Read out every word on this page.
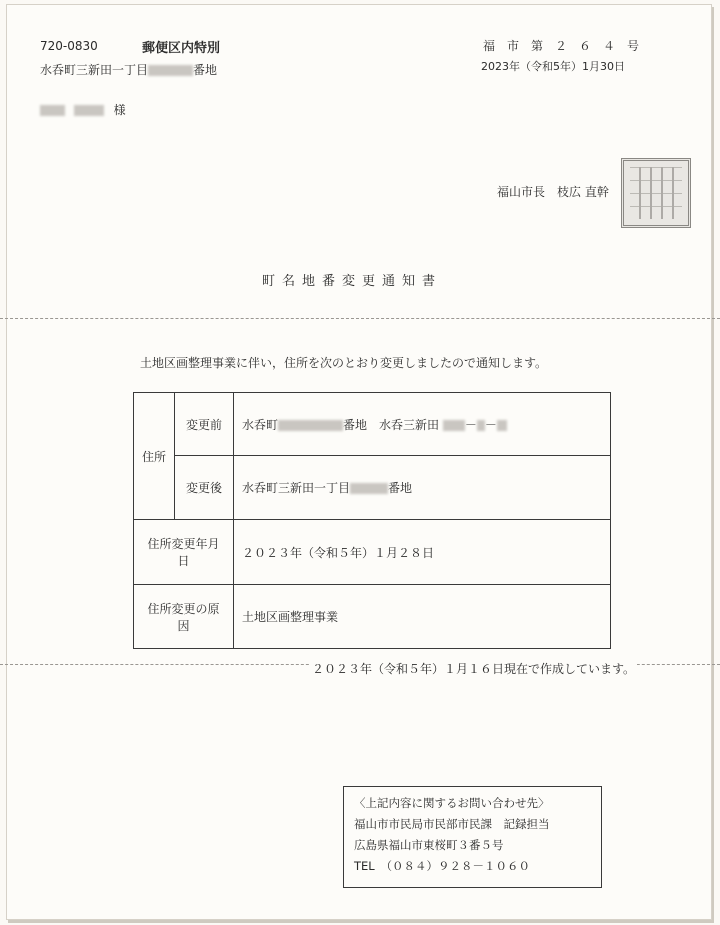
720-0830	郵便区内特別
水呑町三新田一丁目	番地
様
福　市　第　２　６　４　号
2023年（令和5年）1月30日
福山市長　枝広 直幹
町名地番変更通知書
土地区画整理事業に伴い，住所を次のとおり変更しましたので通知します。
住所	変更前	水呑町 番地　水呑三新田 － －
	変更後	水呑町三新田一丁目 番地
住所変更年月日		２０２３年（令和５年）１月２８日
住所変更の原因		土地区画整理事業
２０２３年（令和５年）１月１６日現在で作成しています。
〈上記内容に関するお問い合わせ先〉
福山市市民局市民部市民課　記録担当
広島県福山市東桜町３番５号
TEL　（０８４）９２８－１０６０
